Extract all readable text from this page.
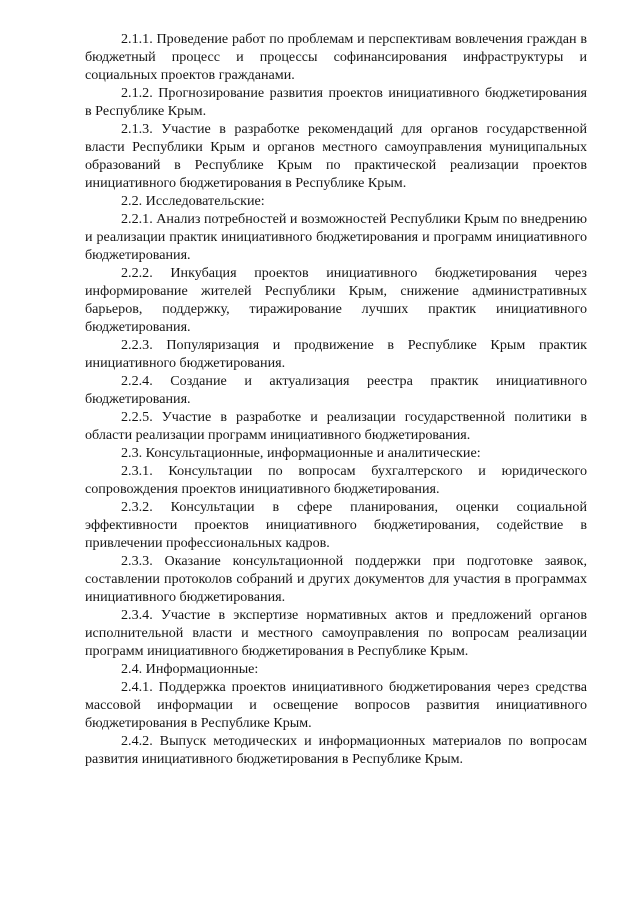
2.1.1. Проведение работ по проблемам и перспективам вовлечения граждан в бюджетный процесс и процессы софинансирования инфраструктуры и социальных проектов гражданами.

2.1.2. Прогнозирование развития проектов инициативного бюджетирования в Республике Крым.

2.1.3. Участие в разработке рекомендаций для органов государственной власти Республики Крым и органов местного самоуправления муниципальных образований в Республике Крым по практической реализации проектов инициативного бюджетирования в Республике Крым.

2.2. Исследовательские:

2.2.1. Анализ потребностей и возможностей Республики Крым по внедрению и реализации практик инициативного бюджетирования и программ инициативного бюджетирования.

2.2.2. Инкубация проектов инициативного бюджетирования через информирование жителей Республики Крым, снижение административных барьеров, поддержку, тиражирование лучших практик инициативного бюджетирования.

2.2.3. Популяризация и продвижение в Республике Крым практик инициативного бюджетирования.

2.2.4. Создание и актуализация реестра практик инициативного бюджетирования.

2.2.5. Участие в разработке и реализации государственной политики в области реализации программ инициативного бюджетирования.

2.3. Консультационные, информационные и аналитические:

2.3.1. Консультации по вопросам бухгалтерского и юридического сопровождения проектов инициативного бюджетирования.

2.3.2. Консультации в сфере планирования, оценки социальной эффективности проектов инициативного бюджетирования, содействие в привлечении профессиональных кадров.

2.3.3. Оказание консультационной поддержки при подготовке заявок, составлении протоколов собраний и других документов для участия в программах инициативного бюджетирования.

2.3.4. Участие в экспертизе нормативных актов и предложений органов исполнительной власти и местного самоуправления по вопросам реализации программ инициативного бюджетирования в Республике Крым.

2.4. Информационные:

2.4.1. Поддержка проектов инициативного бюджетирования через средства массовой информации и освещение вопросов развития инициативного бюджетирования в Республике Крым.

2.4.2. Выпуск методических и информационных материалов по вопросам развития инициативного бюджетирования в Республике Крым.
